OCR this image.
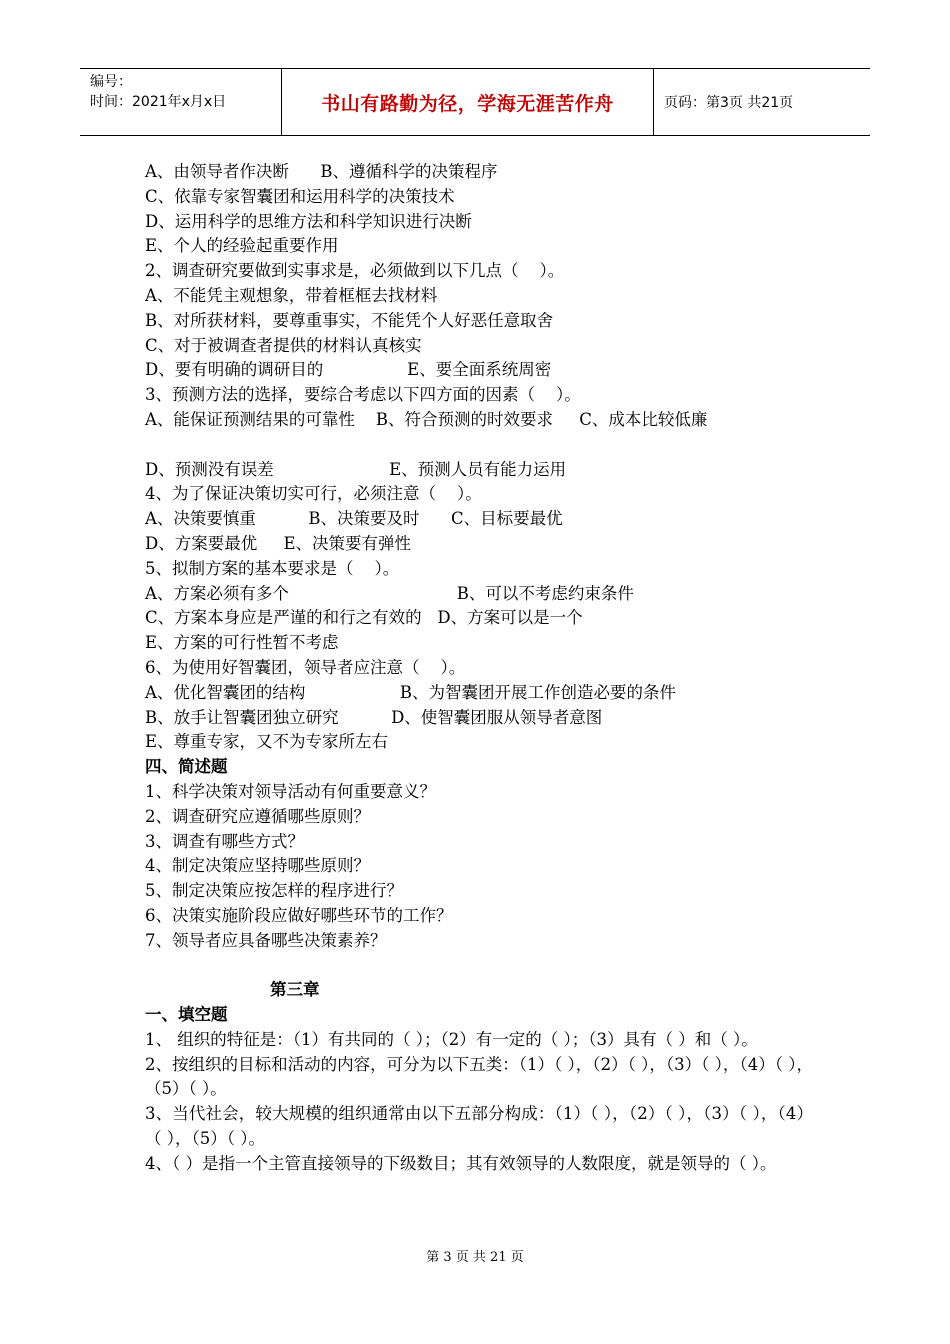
编号：
时间：2021年x月x日	书山有路勤为径，学海无涯苦作舟	页码：第3页 共21页
A、由领导者作决断      B、遵循科学的决策程序
C、依靠专家智囊团和运用科学的决策技术
D、运用科学的思维方法和科学知识进行决断
E、个人的经验起重要作用
2、调查研究要做到实事求是，必须做到以下几点（    ）。
A、不能凭主观想象，带着框框去找材料
B、对所获材料，要尊重事实，不能凭个人好恶任意取舍
C、对于被调查者提供的材料认真核实
D、要有明确的调研目的                E、要全面系统周密
3、预测方法的选择，要综合考虑以下四方面的因素（    ）。
A、能保证预测结果的可靠性    B、符合预测的时效要求     C、成本比较低廉
D、预测没有误差                      E、预测人员有能力运用
4、为了保证决策切实可行，必须注意（    ）。
A、决策要慎重          B、决策要及时      C、目标要最优
D、方案要最优     E、决策要有弹性
5、拟制方案的基本要求是（    ）。
A、方案必须有多个                                B、可以不考虑约束条件
C、方案本身应是严谨的和行之有效的   D、方案可以是一个
E、方案的可行性暂不考虑
6、为使用好智囊团，领导者应注意（    ）。
A、优化智囊团的结构                  B、为智囊团开展工作创造必要的条件
B、放手让智囊团独立研究          D、使智囊团服从领导者意图
E、尊重专家，又不为专家所左右
四、简述题
1、科学决策对领导活动有何重要意义？
2、调查研究应遵循哪些原则？
3、调查有哪些方式？
4、制定决策应坚持哪些原则？
5、制定决策应按怎样的程序进行？
6、决策实施阶段应做好哪些环节的工作？
7、领导者应具备哪些决策素养？
第三章
一、填空题
1、 组织的特征是：（1）有共同的（ ）；（2）有一定的（ ）；（3）具有（ ）和（ ）。
2、按组织的目标和活动的内容，可分为以下五类：（1）（ ），（2）（ ），（3）（ ），（4）（ ），（5）（ ）。
3、当代社会，较大规模的组织通常由以下五部分构成：（1）（ ），（2）（ ），（3）（ ），（4）（ ），（5）（ ）。
4、（ ）是指一个主管直接领导的下级数目；其有效领导的人数限度，就是领导的（ ）。
第 3 页 共 21 页
